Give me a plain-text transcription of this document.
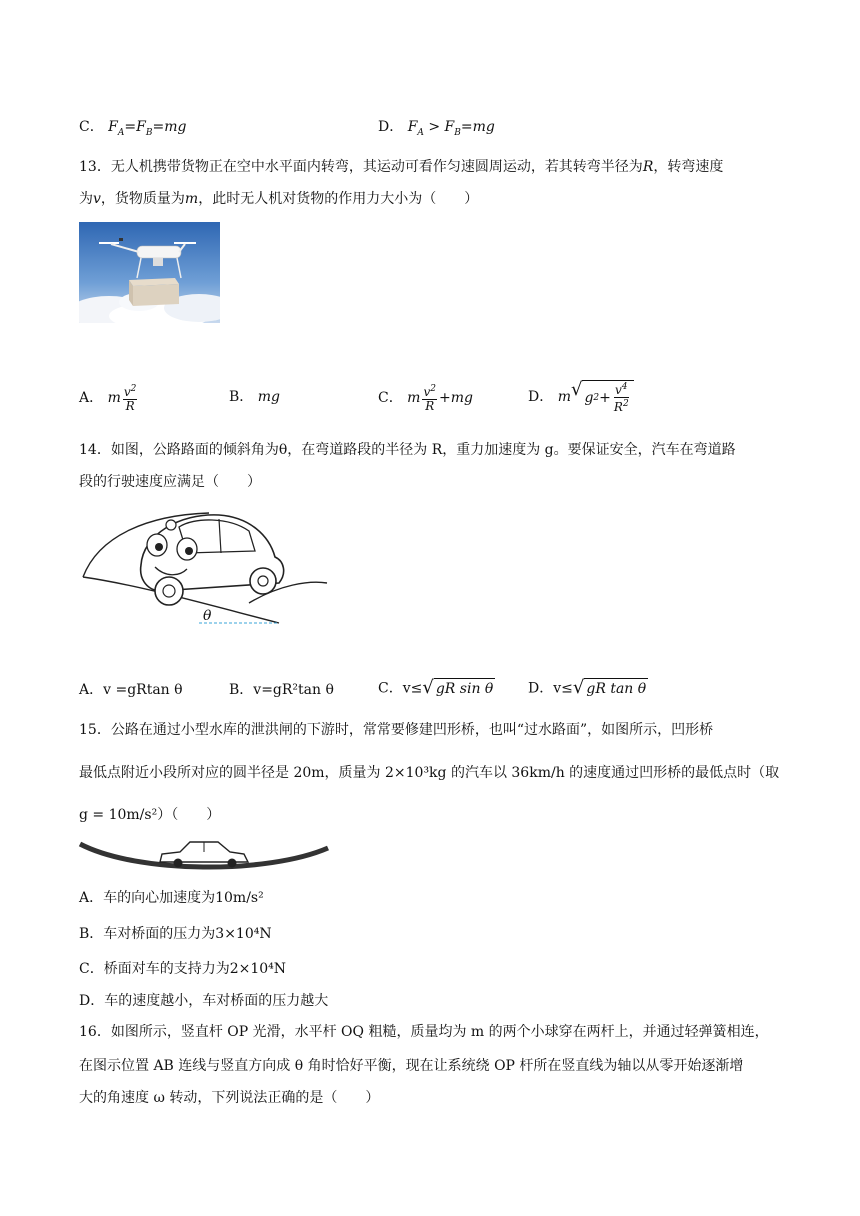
C． $F_A=F_B=mg$	D． $F_A > F_B=mg$
13．无人机携带货物正在空中水平面内转弯，其运动可看作匀速圆周运动，若其转弯半径为R，转弯速度
为v，货物质量为m，此时无人机对货物的作用力大小为（　　）
A． m $\frac{v^2}{R}$	B． mg	C． m $\frac{v^2}{R} +mg$	D． m √ g $2 + \frac{v^4}{R^2}$
14．如图，公路路面的倾斜角为θ，在弯道路段的半径为 R，重力加速度为 g。要保证安全，汽车在弯道路
段的行驶速度应满足（　　）
θ
A．v =gRtan θ	B．v=gR²tan θ	C．v≤ √ gR sin θ D．v≤ √ gR tan θ
15．公路在通过小型水库的泄洪闸的下游时，常常要修建凹形桥，也叫“过水路面”，如图所示，凹形桥
最低点附近小段所对应的圆半径是 20m，质量为 2×10³kg 的汽车以 36km/h 的速度通过凹形桥的最低点时（取
g = 10m/s²）（　　）
A．车的向心加速度为10m/s²
B．车对桥面的压力为3×10⁴N
C．桥面对车的支持力为2×10⁴N
D．车的速度越小，车对桥面的压力越大
16．如图所示，竖直杆 OP 光滑，水平杆 OQ 粗糙，质量均为 m 的两个小球穿在两杆上，并通过轻弹簧相连，
在图示位置 AB 连线与竖直方向成 θ 角时恰好平衡，现在让系统绕 OP 杆所在竖直线为轴以从零开始逐渐增
大的角速度 ω 转动，下列说法正确的是（　　）
